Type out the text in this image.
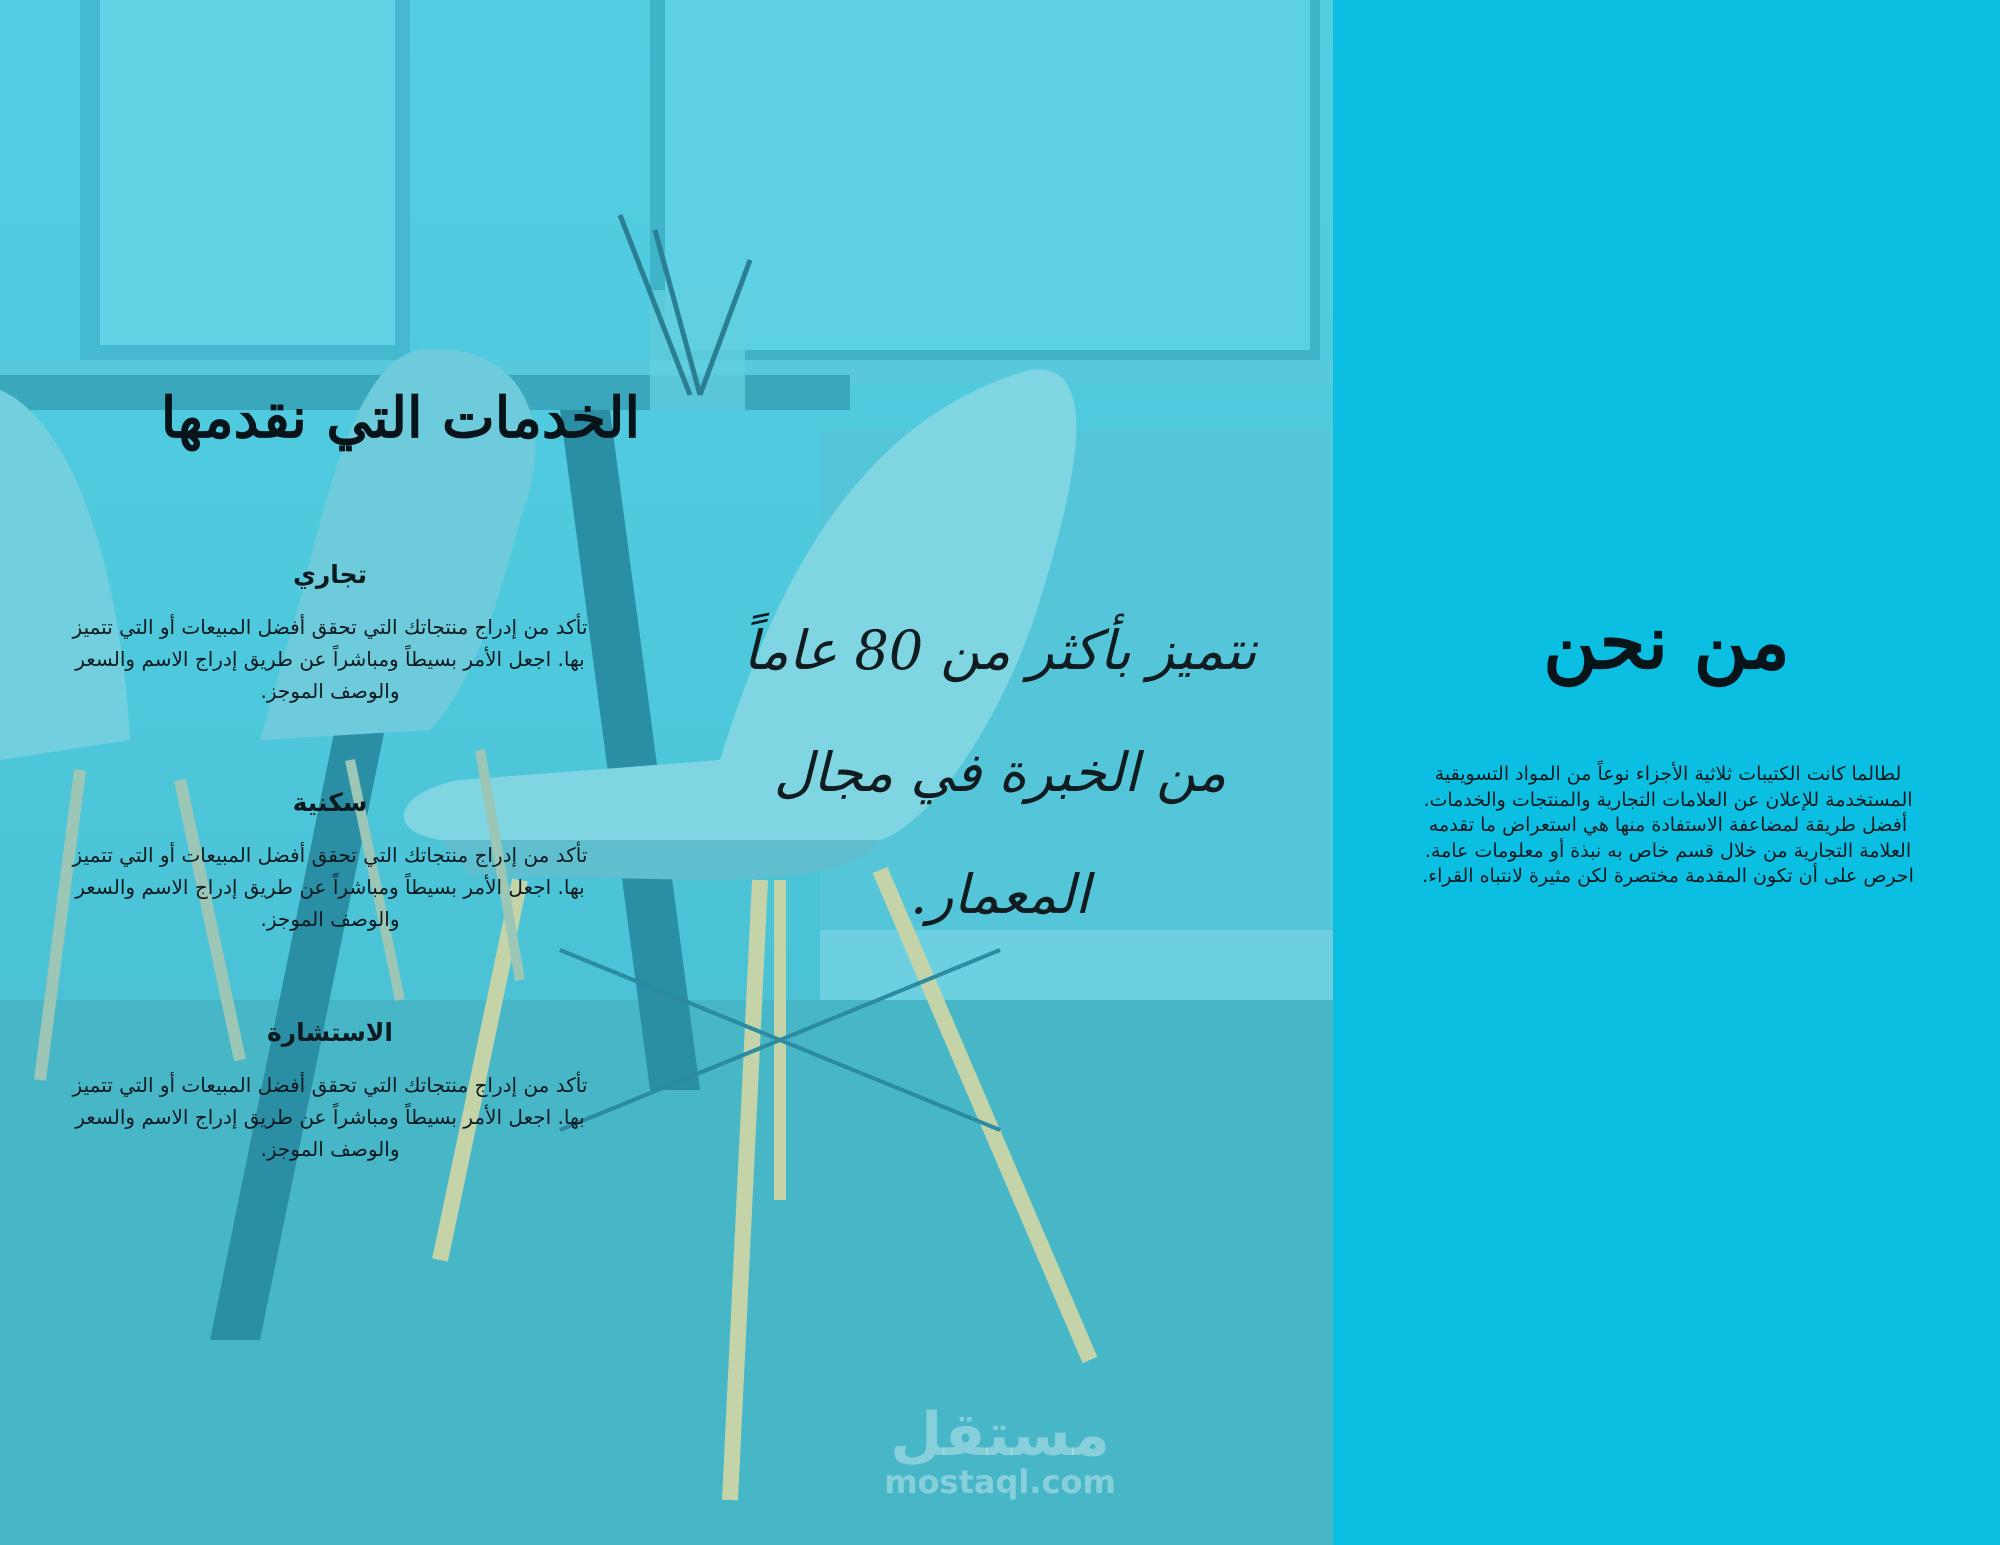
الخدمات التي نقدمها
تجاري
تأكد من إدراج منتجاتك التي تحقق أفضل المبيعات أو التي تتميز بها. اجعل الأمر بسيطاً ومباشراً عن طريق إدراج الاسم والسعر والوصف الموجز.
سكنية
تأكد من إدراج منتجاتك التي تحقق أفضل المبيعات أو التي تتميز بها. اجعل الأمر بسيطاً ومباشراً عن طريق إدراج الاسم والسعر والوصف الموجز.
الاستشارة
تأكد من إدراج منتجاتك التي تحقق أفضل المبيعات أو التي تتميز بها. اجعل الأمر بسيطاً ومباشراً عن طريق إدراج الاسم والسعر والوصف الموجز.
نتميز بأكثر من 80 عاماً من الخبرة في مجال المعمار.
مستقل
mostaql.com
من نحن
لطالما كانت الكتيبات ثلاثية الأجزاء نوعاً من المواد التسويقية المستخدمة للإعلان عن العلامات التجارية والمنتجات والخدمات. أفضل طريقة لمضاعفة الاستفادة منها هي استعراض ما تقدمه العلامة التجارية من خلال قسم خاص به نبذة أو معلومات عامة. احرص على أن تكون المقدمة مختصرة لكن مثيرة لانتباه القراء.
